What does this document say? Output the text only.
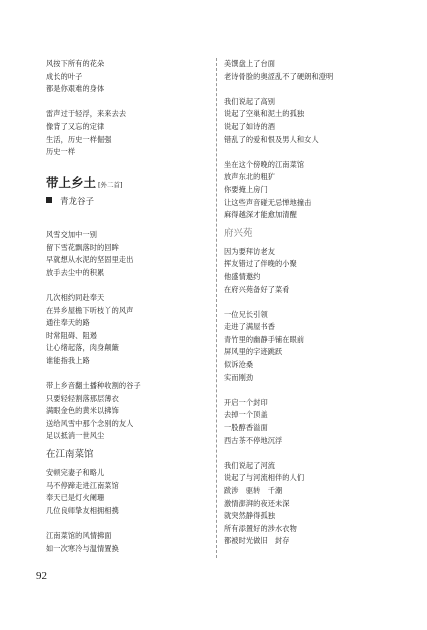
风按下所有的花朵
成长的叶子
都是你艰难的身体
雷声过于轻浮，来来去去
像背了又忘的定律
生活，历史一样倔强
历史一样
带上乡土 [外二首]
青龙谷子
风雪交加中一别
留下雪花飘落时的回眸
早就想从水泥的坚固里走出
放手去尘中的积累
几次相约同赴奉天
在异乡屋檐下听枝丫的风声
通往奉天的路
时常阻碍、阻遏
让心绪起落，肉身颠簸
谁能指我上路
带上乡音翻土播种收割的谷子
只要轻轻割落那层薄衣
满眼金色的黄米以拂饰
送给风雪中那个念别的友人
足以抵消一世风尘
在江南菜馆
安顿完妻子和略儿
马不停蹄走进江南菜馆
奉天已是灯火阑珊
几位良师挚友相拥相携
江南菜馆的风情拂面
如一次寒冷与温情置换
美馔盘上了台面
老诗骨脸的奥涩乱不了硬朗和澄明
我们说起了高别
说起了空巢和泥土的孤独
说起了如诗的酒
错乱了的爱和恨及男人和女人
坐在这个傍晚的江南菜馆
放声东北的粗犷
你要掩上房门
让这些声音碰无忌惮地撞击
麻得越深才能愈加清醒
府兴苑
因为要拜访老友
挥友错过了伴晚的小聚
他盛情邀约
在府兴苑备好了菜肴
一位兄长引领
走进了满屋书香
青竹里的幽静手铺在眼前
屏风里的字迹跳跃
似诉沧桑
实而刚劲
开启一个封印
去掉一个顶盖
一股醇香溢面
西古茶不停地沉浮
我们说起了河流
说起了与河流相伴的人们
跋涉　驱转　千潮
激情澎湃的夜还未深
就突然静得孤独
所有添置好的涉水衣物
都被时光做旧　封存
92
